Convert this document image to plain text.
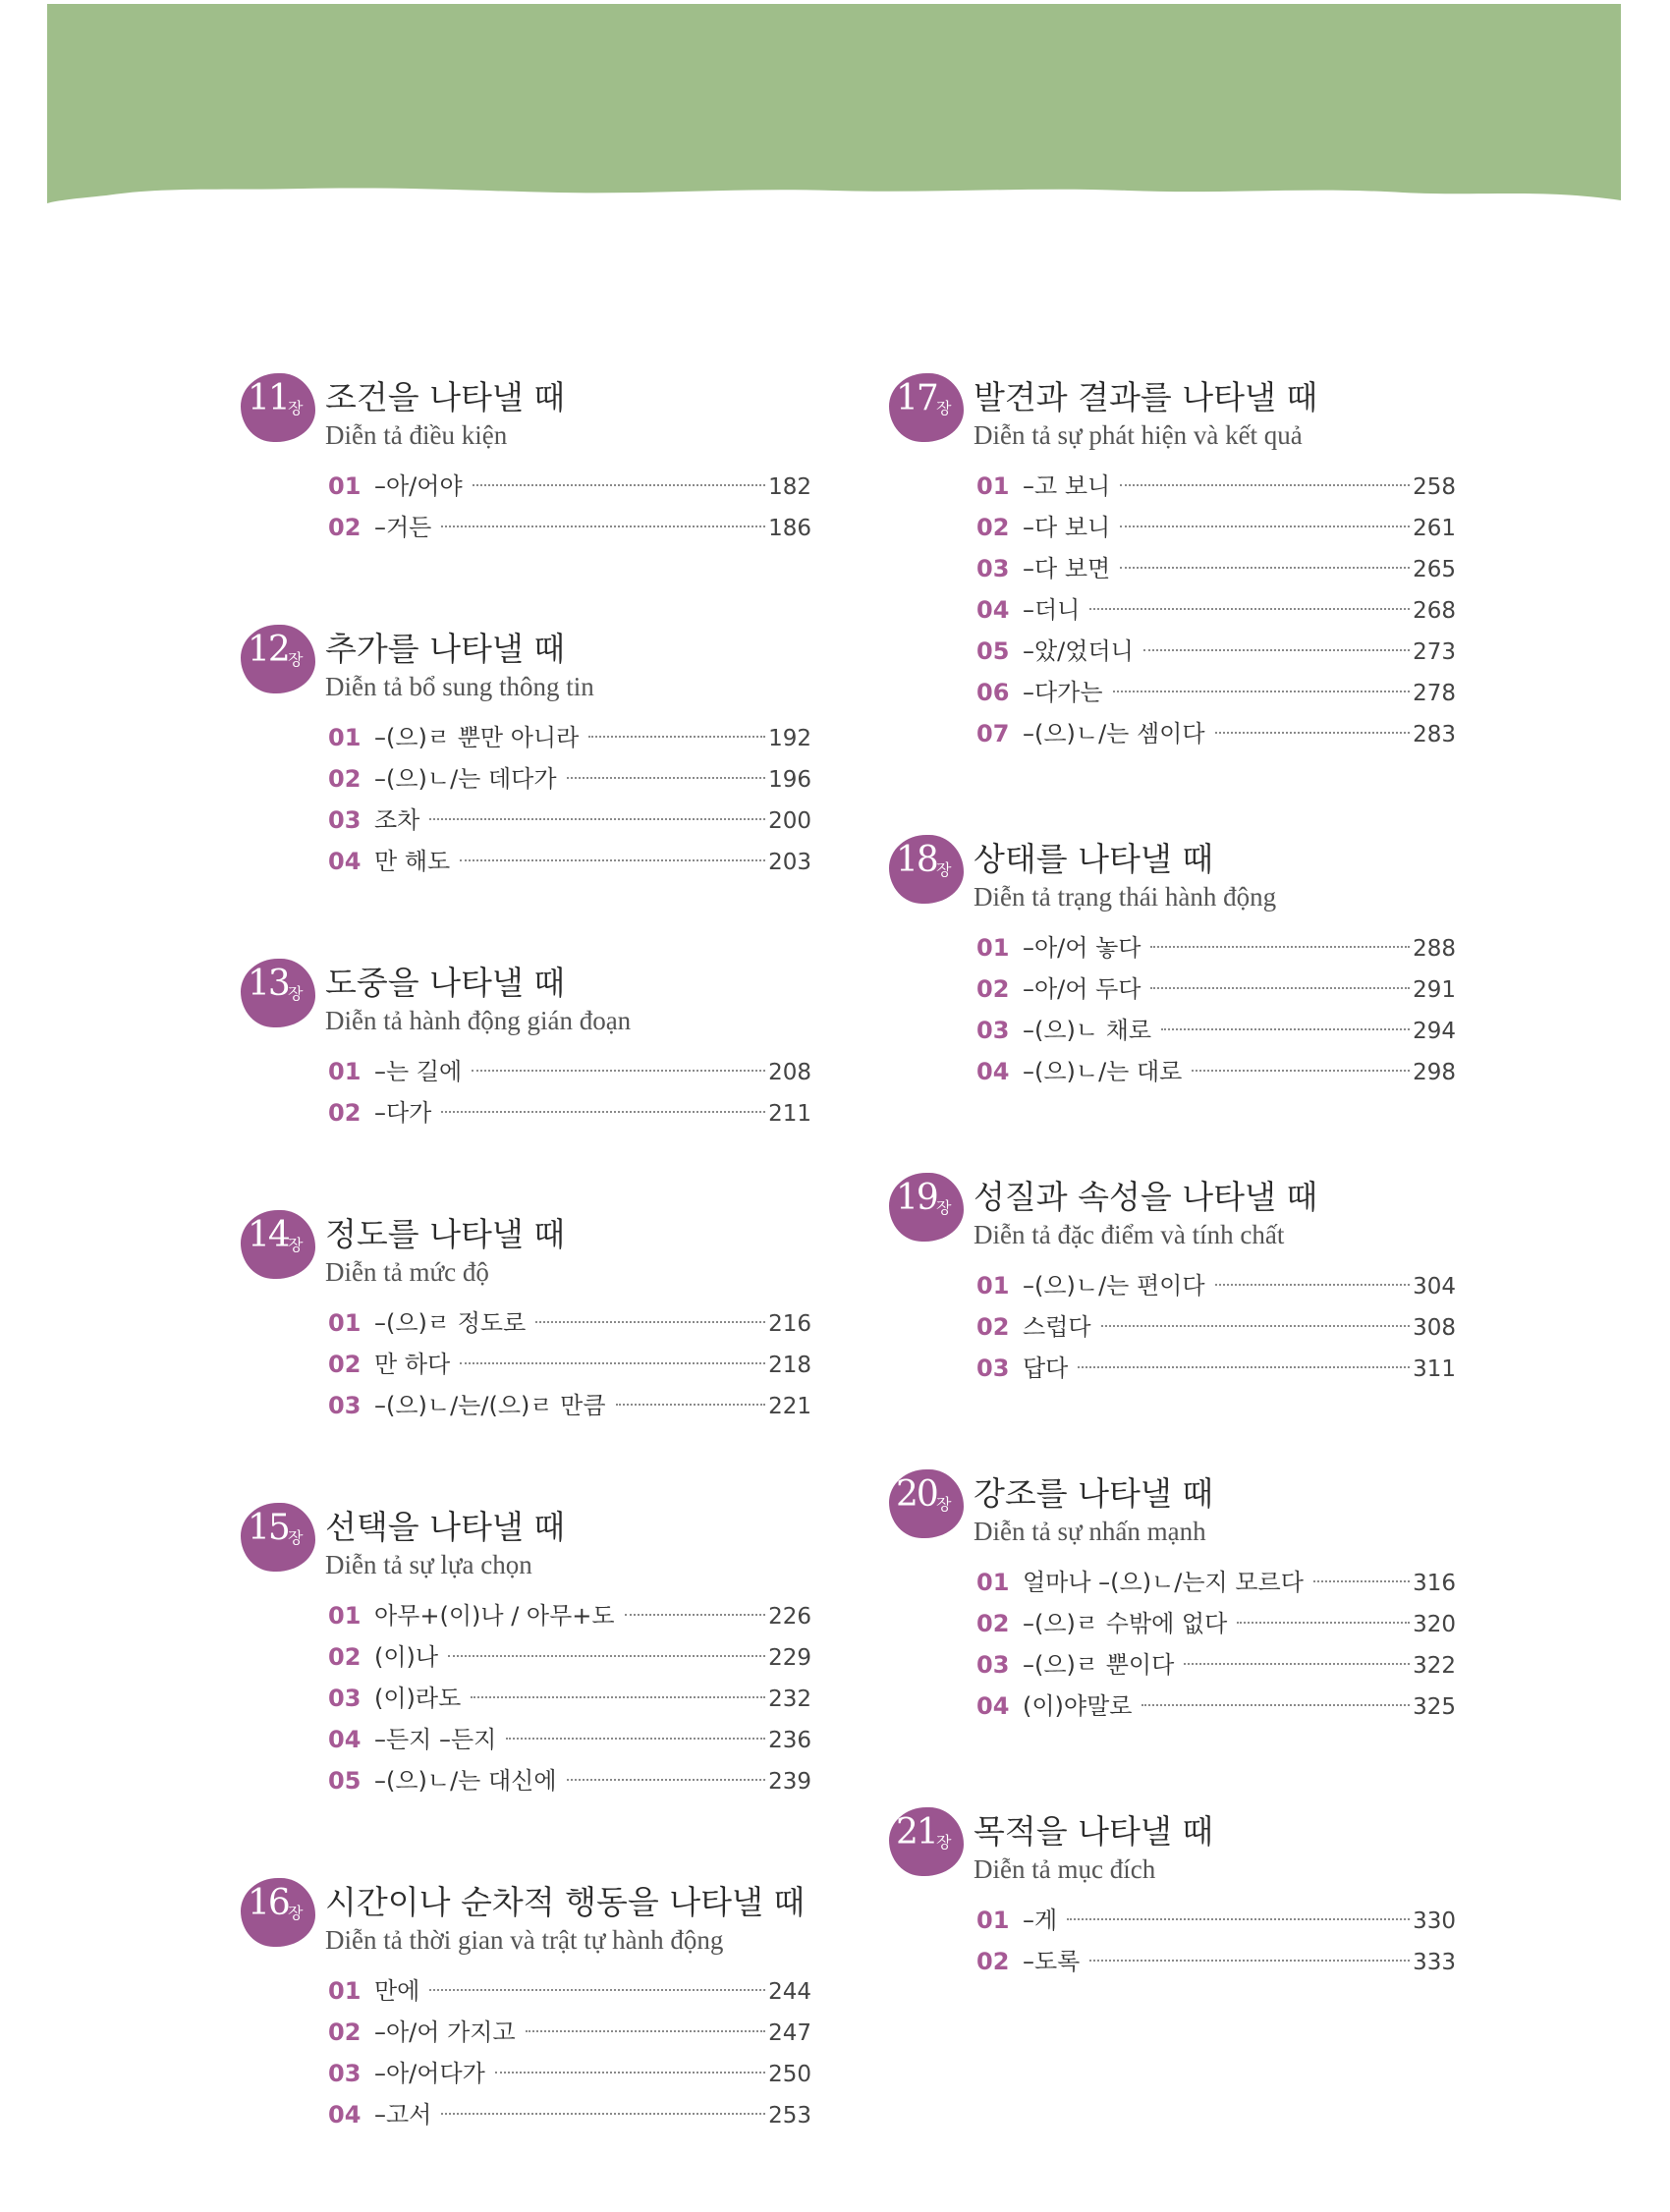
11 장 조건을 나타낼 때
Diễn tả điều kiện
01 –아/어야	182
02 –거든	186
12 장 추가를 나타낼 때
Diễn tả bổ sung thông tin
01 –(으)ㄹ 뿐만 아니라	192
02 –(으)ㄴ/는 데다가	196
03 조차	200
04 만 해도	203
13 장 도중을 나타낼 때
Diễn tả hành động gián đoạn
01 –는 길에	208
02 –다가	211
14 장 정도를 나타낼 때
Diễn tả mức độ
01 –(으)ㄹ 정도로	216
02 만 하다	218
03 –(으)ㄴ/는/(으)ㄹ 만큼	221
15 장 선택을 나타낼 때
Diễn tả sự lựa chọn
01 아무+(이)나 / 아무+도	226
02 (이)나	229
03 (이)라도	232
04 –든지 –든지	236
05 –(으)ㄴ/는 대신에	239
16 장 시간이나 순차적 행동을 나타낼 때
Diễn tả thời gian và trật tự hành động
01 만에	244
02 –아/어 가지고	247
03 –아/어다가	250
04 –고서	253
17 장 발견과 결과를 나타낼 때
Diễn tả sự phát hiện và kết quả
01 –고 보니	258
02 –다 보니	261
03 –다 보면	265
04 –더니	268
05 –았/었더니	273
06 –다가는	278
07 –(으)ㄴ/는 셈이다	283
18 장 상태를 나타낼 때
Diễn tả trạng thái hành động
01 –아/어 놓다	288
02 –아/어 두다	291
03 –(으)ㄴ 채로	294
04 –(으)ㄴ/는 대로	298
19 장 성질과 속성을 나타낼 때
Diễn tả đặc điểm và tính chất
01 –(으)ㄴ/는 편이다	304
02 스럽다	308
03 답다	311
20 장 강조를 나타낼 때
Diễn tả sự nhấn mạnh
01 얼마나 –(으)ㄴ/는지 모르다	316
02 –(으)ㄹ 수밖에 없다	320
03 –(으)ㄹ 뿐이다	322
04 (이)야말로	325
21 장 목적을 나타낼 때
Diễn tả mục đích
01 –게	330
02 –도록	333
